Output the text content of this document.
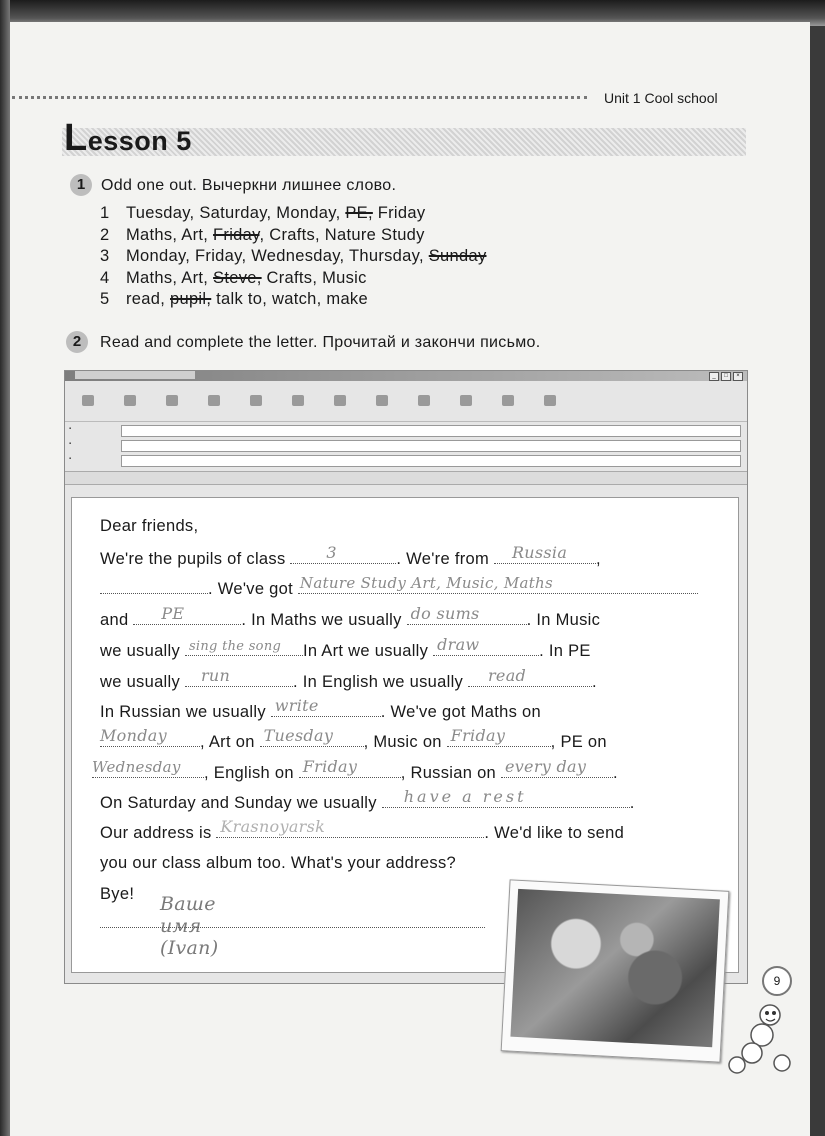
Unit 1 Cool school
Lesson 5
1 Odd one out. Вычеркни лишнее слово.
1 Tuesday, Saturday, Monday, PE, Friday
2 Maths, Art, Friday, Crafts, Nature Study
3 Monday, Friday, Wednesday, Thursday, Sunday
4 Maths, Art, Steve, Crafts, Music
5 read, pupil, talk to, watch, make
2	Read and complete the letter. Прочитай и закончи письмо.
_	□	×
▪
▪
▪
Dear friends,
We're the pupils of class	3	. We're from Russia ,
. We've got Nature Study Art, Music, Maths
and PE	. In Maths we usually do sums	. In Music
we usually sing the song In Art we usually draw	. In PE
we usually run	. In English we usually read	.
In Russian we usually write	. We've got Maths on
Monday , Art on Tuesday , Music on Friday	, PE on
Wednesday , English on Friday	, Russian on every day .
On Saturday and Sunday we usually have a rest	.
Our address is Krasnoyarsk	. We'd like to send
you our class album too. What's your address?
Bye! Ваше имя (Ivan)
9
